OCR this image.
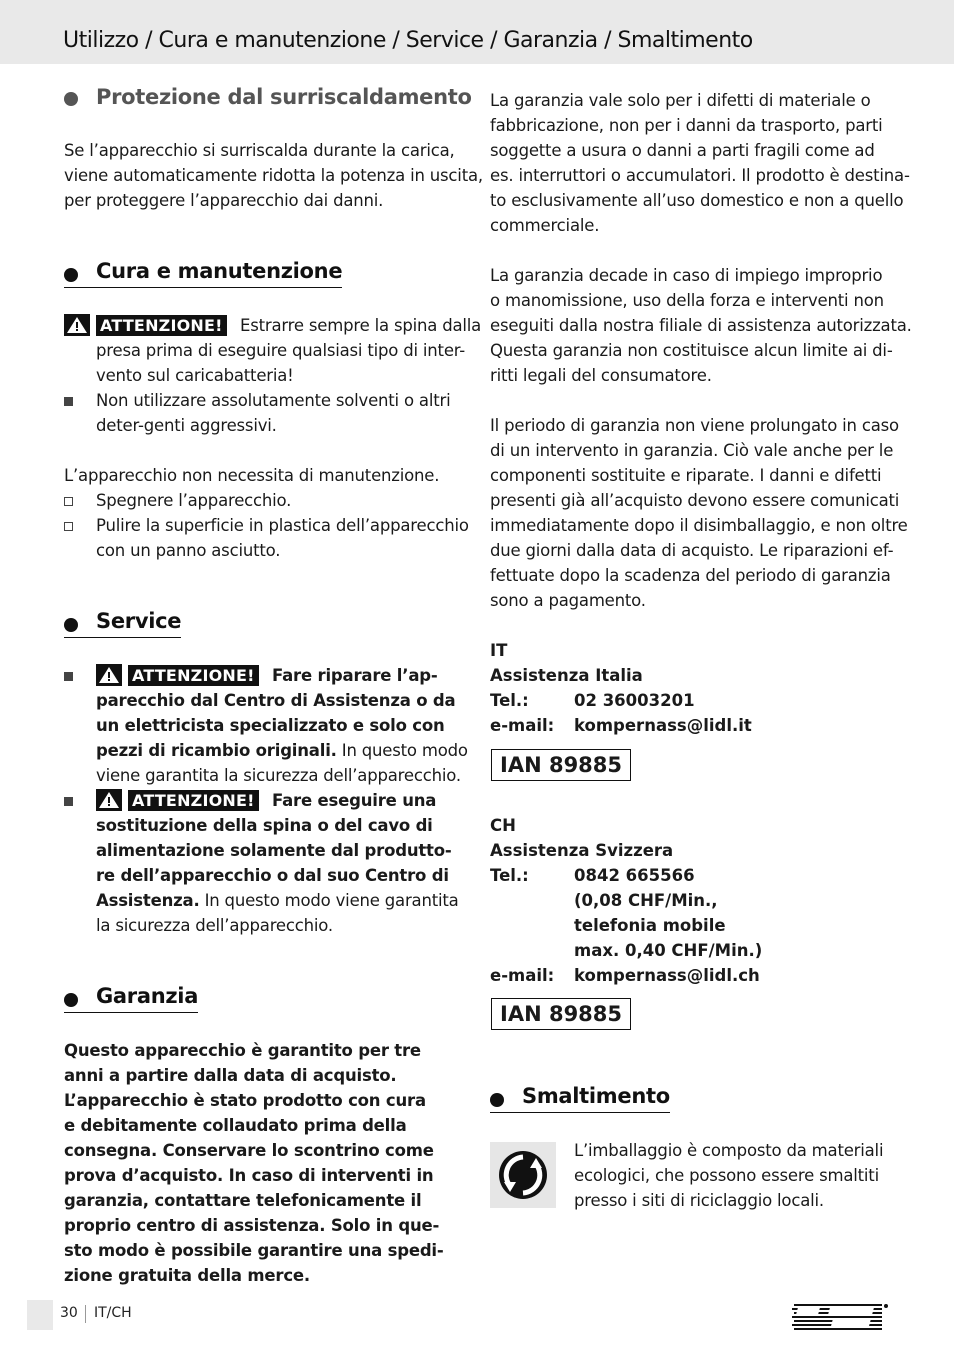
Utilizzo / Cura e manutenzione / Service / Garanzia / Smaltimento
Protezione dal surriscaldamento
Se l’apparecchio si surriscalda durante la carica,
viene automaticamente ridotta la potenza in uscita,
per proteggere l’apparecchio dai danni.
Cura e manutenzione
ATTENZIONE! Estrarre sempre la spina dalla
presa prima di eseguire qualsiasi tipo di inter-
vento sul caricabatteria!
Non utilizzare assolutamente solventi o altri
deter-genti aggressivi.
L’apparecchio non necessita di manutenzione.
Spegnere l’apparecchio.
Pulire la superficie in plastica dell’apparecchio
con un panno asciutto.
Service
ATTENZIONE! Fare riparare l’ap-
parecchio dal Centro di Assistenza o da
un elettricista specializzato e solo con
pezzi di ricambio originali. In questo modo
viene garantita la sicurezza dell’apparecchio.
ATTENZIONE! Fare eseguire una
sostituzione della spina o del cavo di
alimentazione solamente dal produtto-
re dell’apparecchio o dal suo Centro di
Assistenza. In questo modo viene garantita
la sicurezza dell’apparecchio.
Garanzia
Questo apparecchio è garantito per tre
anni a partire dalla data di acquisto.
L’apparecchio è stato prodotto con cura
e debitamente collaudato prima della
consegna. Conservare lo scontrino come
prova d’acquisto. In caso di interventi in
garanzia, contattare telefonicamente il
proprio centro di assistenza. Solo in que-
sto modo è possibile garantire una spedi-
zione gratuita della merce.
La garanzia vale solo per i difetti di materiale o
fabbricazione, non per i danni da trasporto, parti
soggette a usura o danni a parti fragili come ad
es. interruttori o accumulatori. Il prodotto è destina-
to esclusivamente all’uso domestico e non a quello
commerciale.
La garanzia decade in caso di impiego improprio
o manomissione, uso della forza e interventi non
eseguiti dalla nostra filiale di assistenza autorizzata.
Questa garanzia non costituisce alcun limite ai di-
ritti legali del consumatore.
Il periodo di garanzia non viene prolungato in caso
di un intervento in garanzia. Ciò vale anche per le
componenti sostituite e riparate. I danni e difetti
presenti già all’acquisto devono essere comunicati
immediatamente dopo il disimballaggio, e non oltre
due giorni dalla data di acquisto. Le riparazioni ef-
fettuate dopo la scadenza del periodo di garanzia
sono a pagamento.
IT
Assistenza Italia
Tel.:	02 36003201
e-mail: kompernass@lidl.it
IAN 89885
CH
Assistenza Svizzera
Tel.:	0842 665566
(0,08 CHF/Min.,
telefonia mobile
max. 0,40 CHF/Min.)
e-mail: kompernass@lidl.ch
IAN 89885
Smaltimento
L’imballaggio è composto da materiali
ecologici, che possono essere smaltiti
presso i siti di riciclaggio locali.
30 IT/CH
